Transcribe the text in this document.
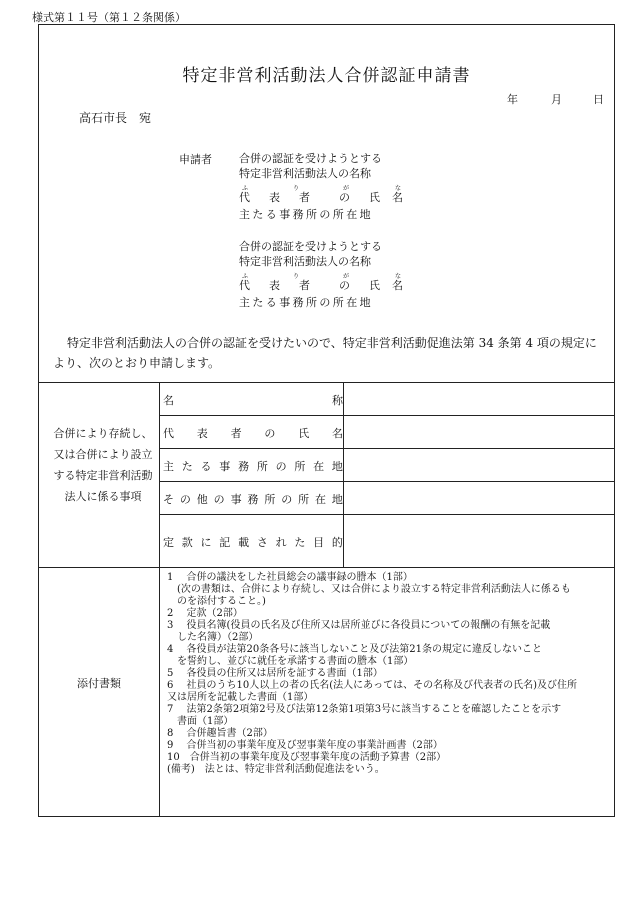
様式第１１号（第１２条関係）
特定非営利活動法人合併認証申請書
年	月	日
高石市長　宛
申請者 合併の認証を受けようとする
特定非営利活動法人の名称
ふ	り	が	な
代 表 者	の 氏 名
主たる事務所の所在地
合併の認証を受けようとする
特定非営利活動法人の名称
ふ	り	が	な
代 表 者	の 氏 名
主たる事務所の所在地
特定非営利活動法人の合併の認証を受けたいので、特定非営利活動促進法第 34 条第 4 項の規定により、次のとおり申請します。
合併により存続し、又は合併により設立する特定非営利活動法人に係る事項
名	称
代 表 者 の 氏 名
主 た る 事 務 所 の 所 在 地
そ の 他 の 事 務 所 の 所 在 地
定 款 に 記 載 さ れ た 目 的
添付書類
1　 合併の議決をした社員総会の議事録の謄本（1部）
　(次の書類は、合併により存続し、又は合併により設立する特定非営利活動法人に係るも
　のを添付すること。)
2　 定款（2部）
3　 役員名簿(役員の氏名及び住所又は居所並びに各役員についての報酬の有無を記載
　した名簿）（2部）
4　 各役員が法第20条各号に該当しないこと及び法第21条の規定に違反しないこと
　を誓約し、並びに就任を承諾する書面の謄本（1部）
5　 各役員の住所又は居所を証する書面（1部）
6　 社員のうち10人以上の者の氏名(法人にあっては、その名称及び代表者の氏名)及び住所
又は居所を記載した書面（1部）
7　 法第2条第2項第2号及び法第12条第1項第3号に該当することを確認したことを示す
　書面（1部）
8　 合併趣旨書（2部）
9　 合併当初の事業年度及び翌事業年度の事業計画書（2部）
10　合併当初の事業年度及び翌事業年度の活動予算書（2部）
(備考)　法とは、特定非営利活動促進法をいう。
